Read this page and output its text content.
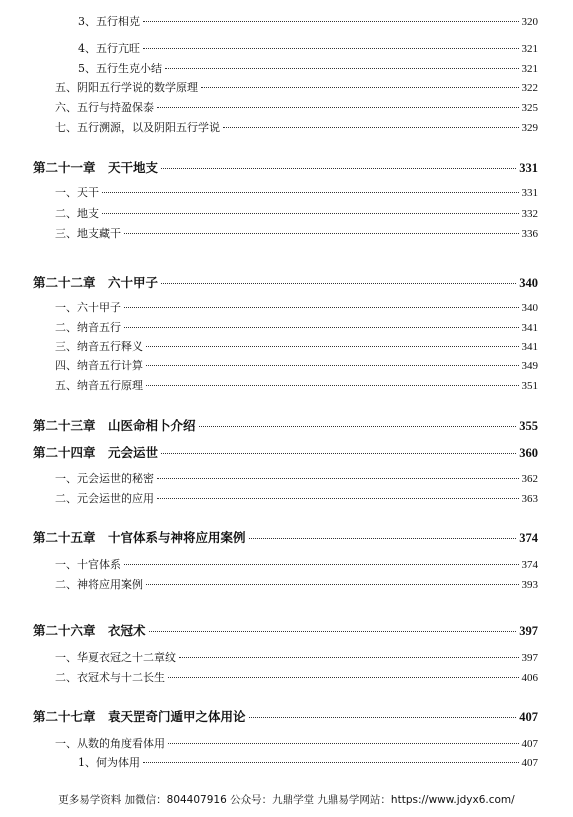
3、五行相克	320
4、五行亢旺	321
5、五行生克小结	321
五、阴阳五行学说的数学原理	322
六、五行与持盈保泰	325
七、五行溯源，以及阴阳五行学说	329
第二十一章　天干地支	331
一、天干	331
二、地支	332
三、地支藏干	336
第二十二章　六十甲子	340
一、六十甲子	340
二、纳音五行	341
三、纳音五行释义	341
四、纳音五行计算	349
五、纳音五行原理	351
第二十三章　山医命相卜介绍	355
第二十四章　元会运世	360
一、元会运世的秘密	362
二、元会运世的应用	363
第二十五章　十官体系与神将应用案例	374
一、十官体系	374
二、神将应用案例	393
第二十六章　衣冠术	397
一、华夏衣冠之十二章纹	397
二、衣冠术与十二长生	406
第二十七章　袁天罡奇门遁甲之体用论	407
一、从数的角度看体用	407
1、何为体用	407
更多易学资料 加微信：804407916 公众号：九鼎学堂 九鼎易学网站：https://www.jdyx6.com/
